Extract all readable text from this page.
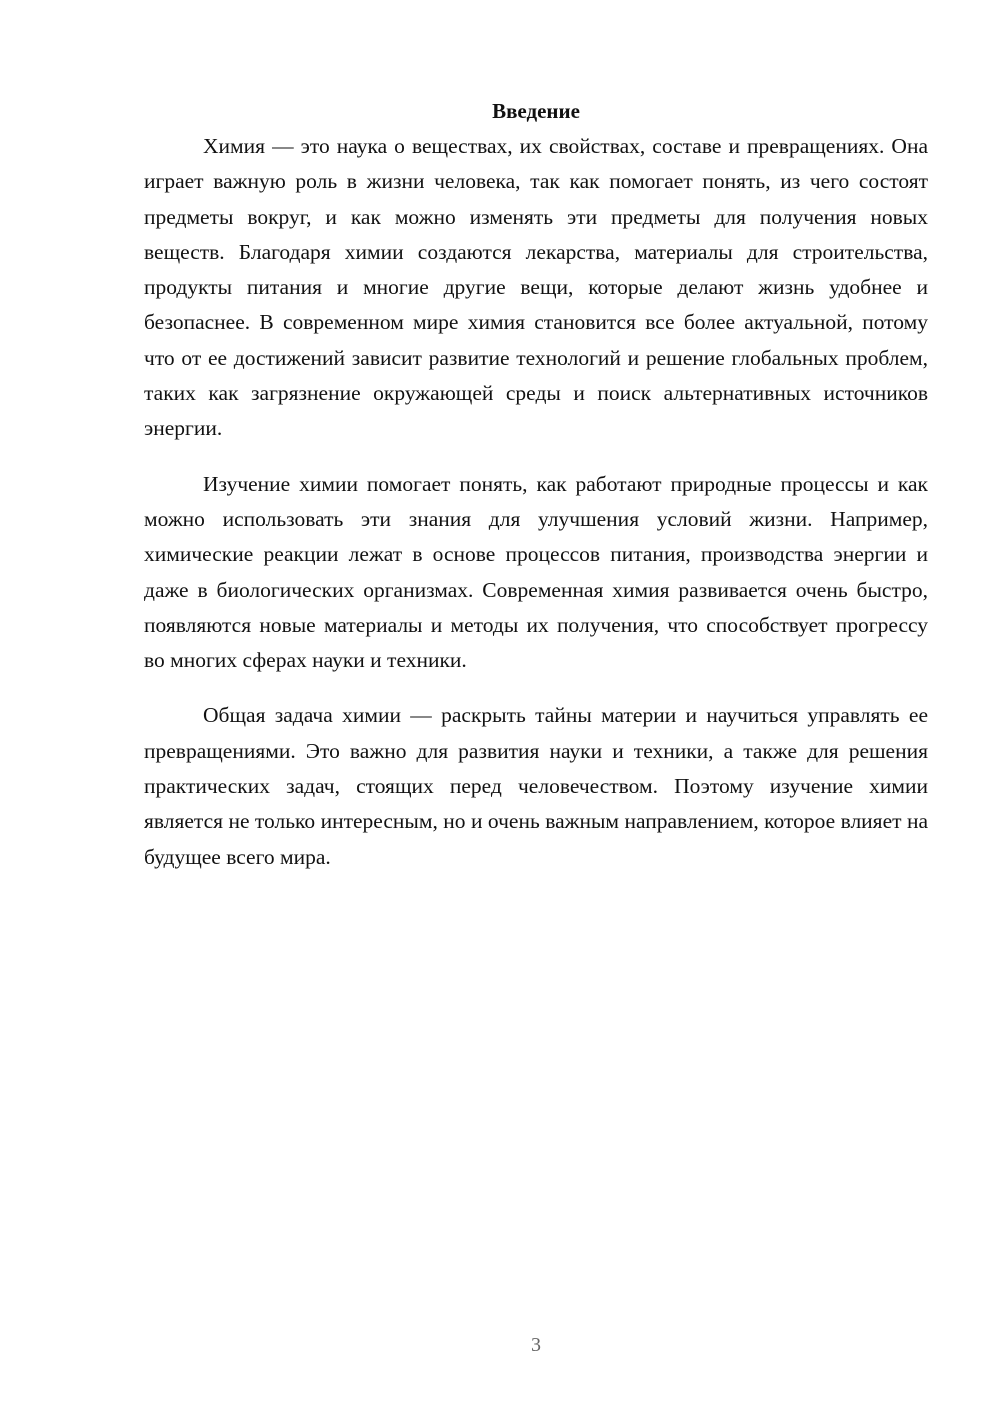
Введение

Химия — это наука о веществах, их свойствах, составе и превращениях. Она играет важную роль в жизни человека, так как помогает понять, из чего состоят предметы вокруг, и как можно изменять эти предметы для получения новых веществ. Благодаря химии создаются лекарства, материалы для строительства, продукты питания и многие другие вещи, которые делают жизнь удобнее и безопаснее. В современном мире химия становится все более актуальной, потому что от ее достижений зависит развитие технологий и решение глобальных проблем, таких как загрязнение окружающей среды и поиск альтернативных источников энергии.

Изучение химии помогает понять, как работают природные процессы и как можно использовать эти знания для улучшения условий жизни. Например, химические реакции лежат в основе процессов питания, производства энергии и даже в биологических организмах. Современная химия развивается очень быстро, появляются новые материалы и методы их получения, что способствует прогрессу во многих сферах науки и техники.

Общая задача химии — раскрыть тайны материи и научиться управлять ее превращениями. Это важно для развития науки и техники, а также для решения практических задач, стоящих перед человечеством. Поэтому изучение химии является не только интересным, но и очень важным направлением, которое влияет на будущее всего мира.

3
